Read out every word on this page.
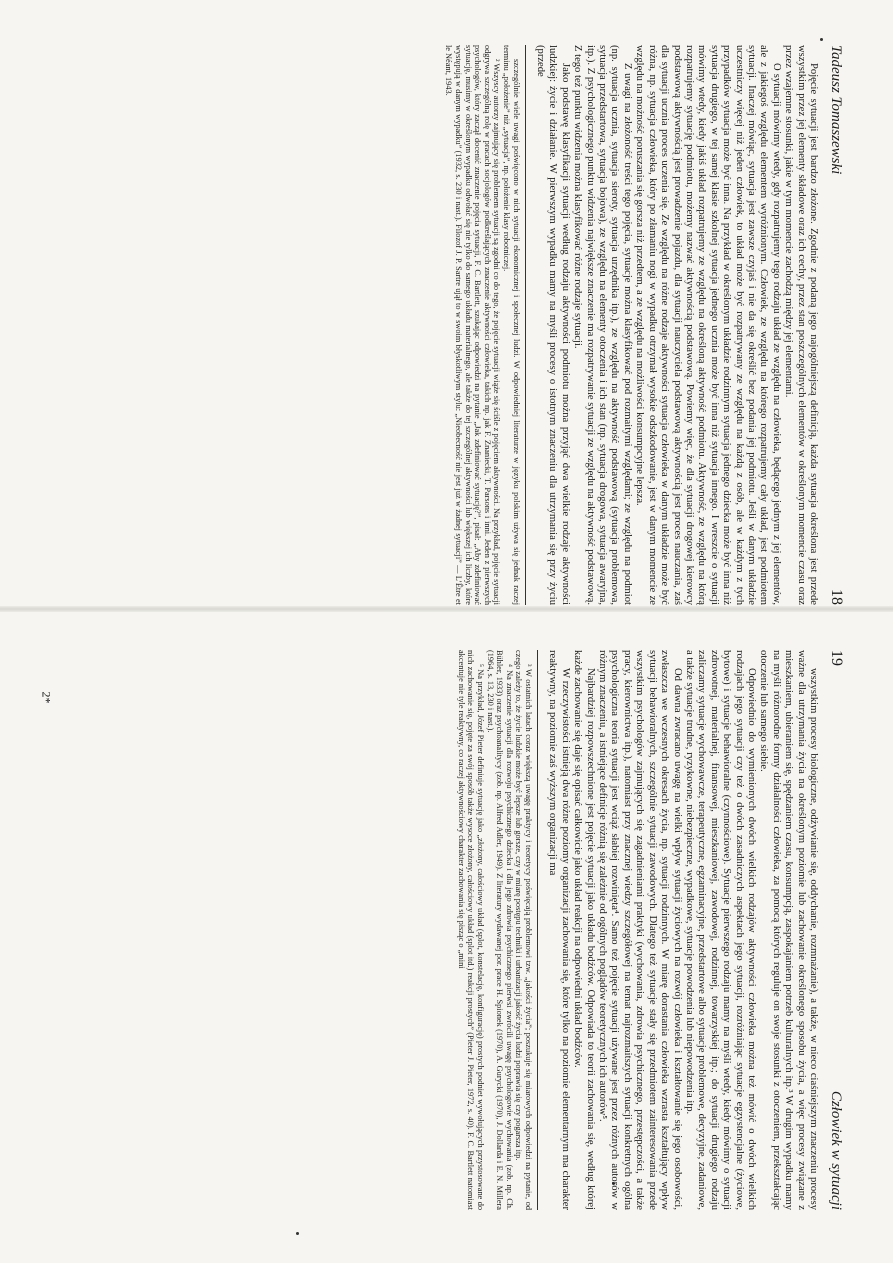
Tadeusz Tomaszewski
18

Pojęcie sytuacji jest bardzo złożone. Zgodnie z podaną jego najogólniejszą definicją, każda sytuacja określona jest przede wszystkim przez jej elementy składowe oraz ich cechy, przez stan poszczególnych elementów w określonym momencie czasu oraz przez wzajemne stosunki, jakie w tym momencie zachodzą między jej elementami.

O sytuacji mówimy wtedy, gdy rozpatrujemy tego rodzaju układ ze względu na człowieka, będącego jednym z jej elementów, ale z jakiegoś względu elementem wyróżnionym. Człowiek, ze względu na którego rozpatrujemy cały układ, jest podmiotem sytuacji. Inaczej mówiąc, sytuacja jest zawsze czyjaś i nie da się określić bez podania jej podmiotu. Jeśli w danym układzie uczestniczy więcej niż jeden człowiek, to układ może być rozpatrywany ze względu na każdą z osób, ale w każdym z tych przypadków sytuacja może być inna. Na przykład w określonym układzie rodzinnym sytuacja jednego dziecka może być inna niż sytuacja drugiego, w tej samej klasie szkolnej sytuacja jednego ucznia może być inna niż sytuacja innego. I wreszcie o sytuacji mówimy wtedy, kiedy jakiś układ rozpatrujemy ze względu na określoną aktywność podmiotu. Aktywność, ze względu na którą rozpatrujemy sytuację podmiotu, możemy nazwać aktywnością podstawową. Powiemy więc, że dla sytuacji drogowej kierowcy podstawową aktywnością jest prowadzenie pojazdu, dla sytuacji nauczyciela podstawową aktywnością jest proces nauczania, zaś dla sytuacji ucznia proces uczenia się. Ze względu na różne rodzaje aktywności sytuacja człowieka w danym układzie może być różna, np. sytuacja człowieka, który po złamaniu nogi w wypadku otrzymał wysokie odszkodowanie, jest w danym momencie ze względu na możność poruszania się gorsza niż przedtem, a ze względu na możliwości konsumpcyjne lepsza.

Z uwagi na złożoność treści tego pojęcia, sytuacje można klasyfikować pod rozmaitymi względami; ze względu na podmiot (np. sytuacja ucznia, sytuacja sieroty, sytuacja urzędnika itp.), ze względu na aktywność podstawową (sytuacja problemowa, sytuacja przedstartowa, sytuacja bojowa), ze względu na elementy otoczenia i ich stan (np. sytuacja drogowa, sytuacja awaryjna, itp.). Z psychologicznego punktu widzenia największe znaczenie ma rozpatrywanie sytuacji ze względu na aktywność podstawową. Z tego też punktu widzenia można klasyfikować różne rodzaje sytuacji.

Jako podstawę klasyfikacji sytuacji według rodzaju aktywności podmiotu można przyjąć dwa wielkie rodzaje aktywności ludzkiej: życie i działanie. W pierwszym wypadku mamy na myśli procesy o istotnym znaczeniu dla utrzymania się przy życiu (przede

szczególnie wiele uwagi poświęcono w nich sytuacji ekonomicznej i społecznej ludzi. W odpowiedniej literaturze w języku polskim używa się jednak raczej terminu „położenie” niż „sytuacja”, np. położenie klasy robotniczej.

² Wszyscy autorzy zajmujący się problemem sytuacji są zgodni co do tego, że pojęcie sytuacji wiąże się ściśle z pojęciem aktywności. Na przykład, pojęcie sytuacji odgrywa szczególną rolę w pracach socjologów podkreślających znaczenie aktywności człowieka, takich np. jak F. Znaniecki, T. Parsons i inni. Jeden z pierwszych psychologów, który zaczął docenić znaczenie pojęcia sytuacji, F. C. Bartlett, szukając odpowiedzi na pytanie „Jak zdefiniować sytuację?”, pisał: „Aby zdefiniować sytuację, musimy w określonym wypadku odwołać się nie tylko do samego układu materialnego, ale także do tej szczególnej aktywności lub większej ich liczby, które występują w danym wypadku” (1932, s. 230 i nast.). Filozof J. P. Sartre ujął to w swoim błyskotliwym stylu: „Nieobecność nie jest już w żadnej sytuacji” — L’Être et le Néant, 1943.

19
Człowiek w sytuacji

wszystkim procesy biologiczne, odżywianie się, oddychanie, rozmnażanie), a także, w nieco ciaśniejszym znaczeniu procesy ważne dla utrzymania życia na określonym poziomie lub zachowanie określonego sposobu życia, a więc procesy związane z mieszkaniem, ubieraniem się, spędzaniem czasu, konsumpcją, zaspokajaniem potrzeb kulturalnych itp.³ W drugim wypadku mamy na myśli różnorodne formy działalności człowieka, za pomocą których reguluje on swoje stosunki z otoczeniem, przekształcając otoczenie lub samego siebie.

Odpowiednio do wymienionych dwóch wielkich rodzajów aktywności człowieka można też mówić o dwóch wielkich rodzajach jego sytuacji czy też o dwóch zasadniczych aspektach jego sytuacji, rozróżniając sytuacje egzystencjalne (życiowe, bytowe) i sytuacje behawioralne (czynnościowe). Sytuacje pierwszego rodzaju mamy na myśli wtedy, kiedy mówimy o sytuacji zdrowotnej, materialnej, finansowej, mieszkaniowej, zawodowej, rodzinnej, towarzyskiej itp.; do sytuacji drugiego rodzaju zaliczamy sytuacje wychowawcze, terapeutyczne, egzaminacyjne, przedstartowe albo sytuacje problemowe, decyzyjne, zadaniowe, a także sytuacje trudne, ryzykowne, niebezpieczne, wypadkowe, sytuacje powodzenia lub niepowodzenia itp.

Od dawna zwracano uwagę na wielki wpływ sytuacji życiowych na rozwój człowieka i kształtowanie się jego osobowości, zwłaszcza we wczesnych okresach życia, np. sytuacji rodzinnych. W miarę dorastania człowieka wzrasta kształtujący wpływ sytuacji behawioralnych, szczególnie sytuacji zawodowych. Dlatego też sytuacje stały się przedmiotem zainteresowania przede wszystkim psychologów zajmujących się zagadnieniami praktyki (wychowania, zdrowia psychicznego, przestępczości, a także pracy, kierownictwa itp.), natomiast przy znacznej wiedzy szczegółowej na temat najrozmaitszych sytuacji konkretnych ogólna psychologiczna teoria sytuacji jest wciąż słabiej rozwinięta⁴. Samo też pojęcie sytuacji używane jest przez różnych autorów w różnym znaczeniu, a istniejące definicje różnią się zależnie od ogólnych poglądów teoretycznych ich autorów⁵.

Najbardziej rozpowszechnione jest pojęcie sytuacji jako układu bodźców. Odpowiada to teorii zachowania się, według której każde zachowanie się daje się opisać całkowicie jako układ reakcji na odpowiedni układ bodźców.

W rzeczywistości istnieją dwa różne poziomy organizacji zachowania się, które tylko na poziomie elementarnym ma charakter reaktywny, na poziomie zaś wyższym organizacji ma

³ W ostatnich latach coraz większą uwagę praktycy i teoretycy poświęcają problemowi tzw. „jakości życia”; poszukuje się miarowych odpowiedzi na pytanie, od czego zależy to, że życie ludzkie może być lepsze lub gorsze, czy w miarę postępu techniki i urbanizacji jakość życia ludzi poprawia się czy pogarsza itp.

⁴ Na znaczenie sytuacji dla rozwoju psychicznego dziecka i dla jego zdrowia psychicznego pierwsi zwrócili uwagę psychologowie wychowania (zob. np. Ch. Bühler, 1933) oraz psychoanalitycy (zob. np. Alfred Adler, 1949). Z literatury wydawanej por. prace H. Spionek (1970), A. Gurycki (1970), J. Dollarda i E. N. Millera (1964, s. 13, 230 i nast.).

⁵ Na przykład, Józef Pieter definiuje sytuację jako „złożony, całościowy układ (splot, konstelację, konfigurację) prostych podniet wywołujących przystosowane do nich zachowanie się, pojęte za swój sposób także wysoce złożony, całościowy układ (splot itd.) reakcji prostych” (Pieter J. Pieter, 1972, s. 40). F. C. Bartlett natomiast akcentuje nie tyle reaktywny, co raczej aktywnościowy charakter zachowania się pisząc o „mini

2*
